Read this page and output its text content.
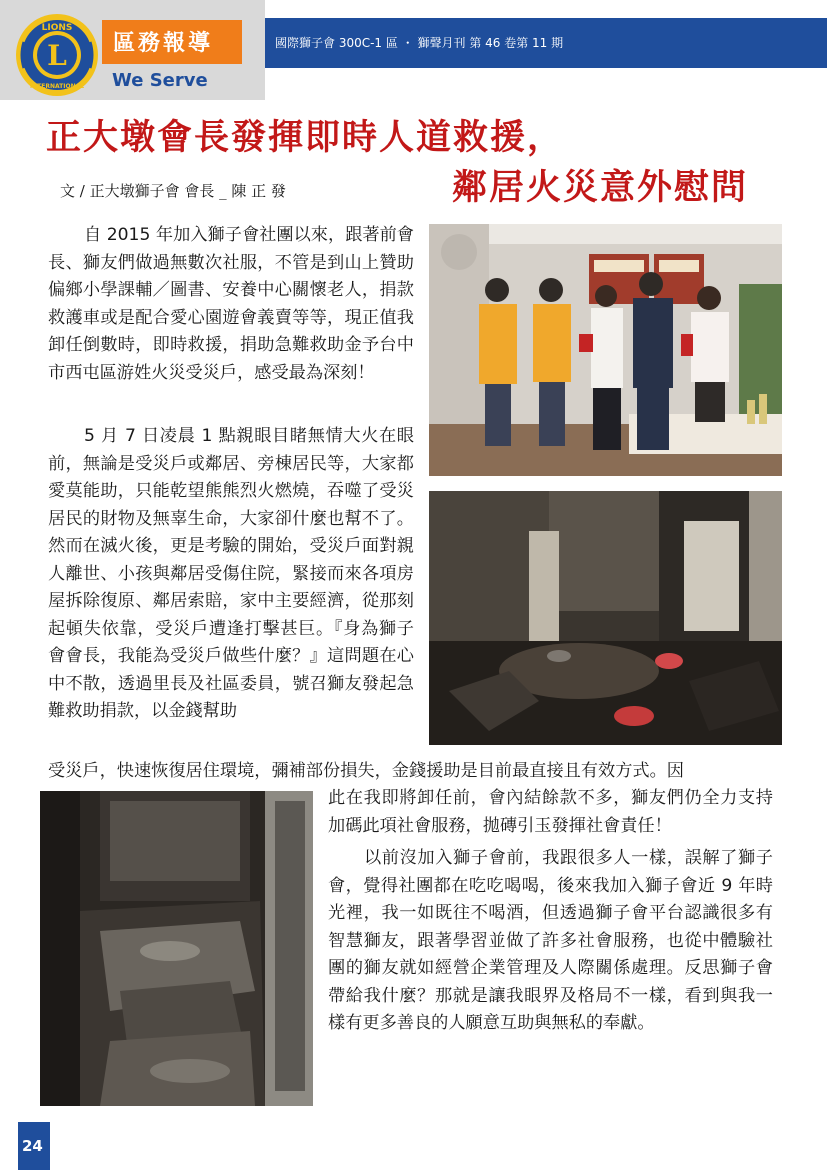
區務報導
We Serve
國際獅子會 300C-1 區 ・ 獅聲月刊 第 46 卷第 11 期
L
LIONS
INTERNATIONAL
正大墩會長發揮即時人道救援，
鄰居火災意外慰問
文 / 正大墩獅子會 會長 _ 陳 正 發

自 2015 年加入獅子會社團以來，跟著前會長、獅友們做過無數次社服，不管是到山上贊助偏鄉小學課輔／圖書、安養中心關懷老人，捐款救護車或是配合愛心園遊會義賣等等，現正值我卸任倒數時，即時救援，捐助急難救助金予台中市西屯區游姓火災受災戶，感受最為深刻！

5 月 7 日凌晨 1 點親眼目睹無情大火在眼前，無論是受災戶或鄰居、旁棟居民等，大家都愛莫能助，只能乾望熊熊烈火燃燒，吞噬了受災居民的財物及無辜生命，大家卻什麼也幫不了。然而在滅火後，更是考驗的開始，受災戶面對親人離世、小孩與鄰居受傷住院，緊接而來各項房屋拆除復原、鄰居索賠，家中主要經濟，從那刻起頓失依靠，受災戶遭逢打擊甚巨。『身為獅子會會長，我能為受災戶做些什麼？』這問題在心中不散，透過里長及社區委員，號召獅友發起急難救助捐款，以金錢幫助

受災戶，快速恢復居住環境，彌補部份損失，金錢援助是目前最直接且有效方式。因

此在我即將卸任前，會內結餘款不多，獅友們仍全力支持加碼此項社會服務，拋磚引玉發揮社會責任！

以前沒加入獅子會前，我跟很多人一樣，誤解了獅子會，覺得社團都在吃吃喝喝，後來我加入獅子會近 9 年時光裡，我一如既往不喝酒，但透過獅子會平台認識很多有智慧獅友，跟著學習並做了許多社會服務，也從中體驗社團的獅友就如經營企業管理及人際關係處理。反思獅子會帶給我什麼？那就是讓我眼界及格局不一樣，看到與我一樣有更多善良的人願意互助與無私的奉獻。

24
